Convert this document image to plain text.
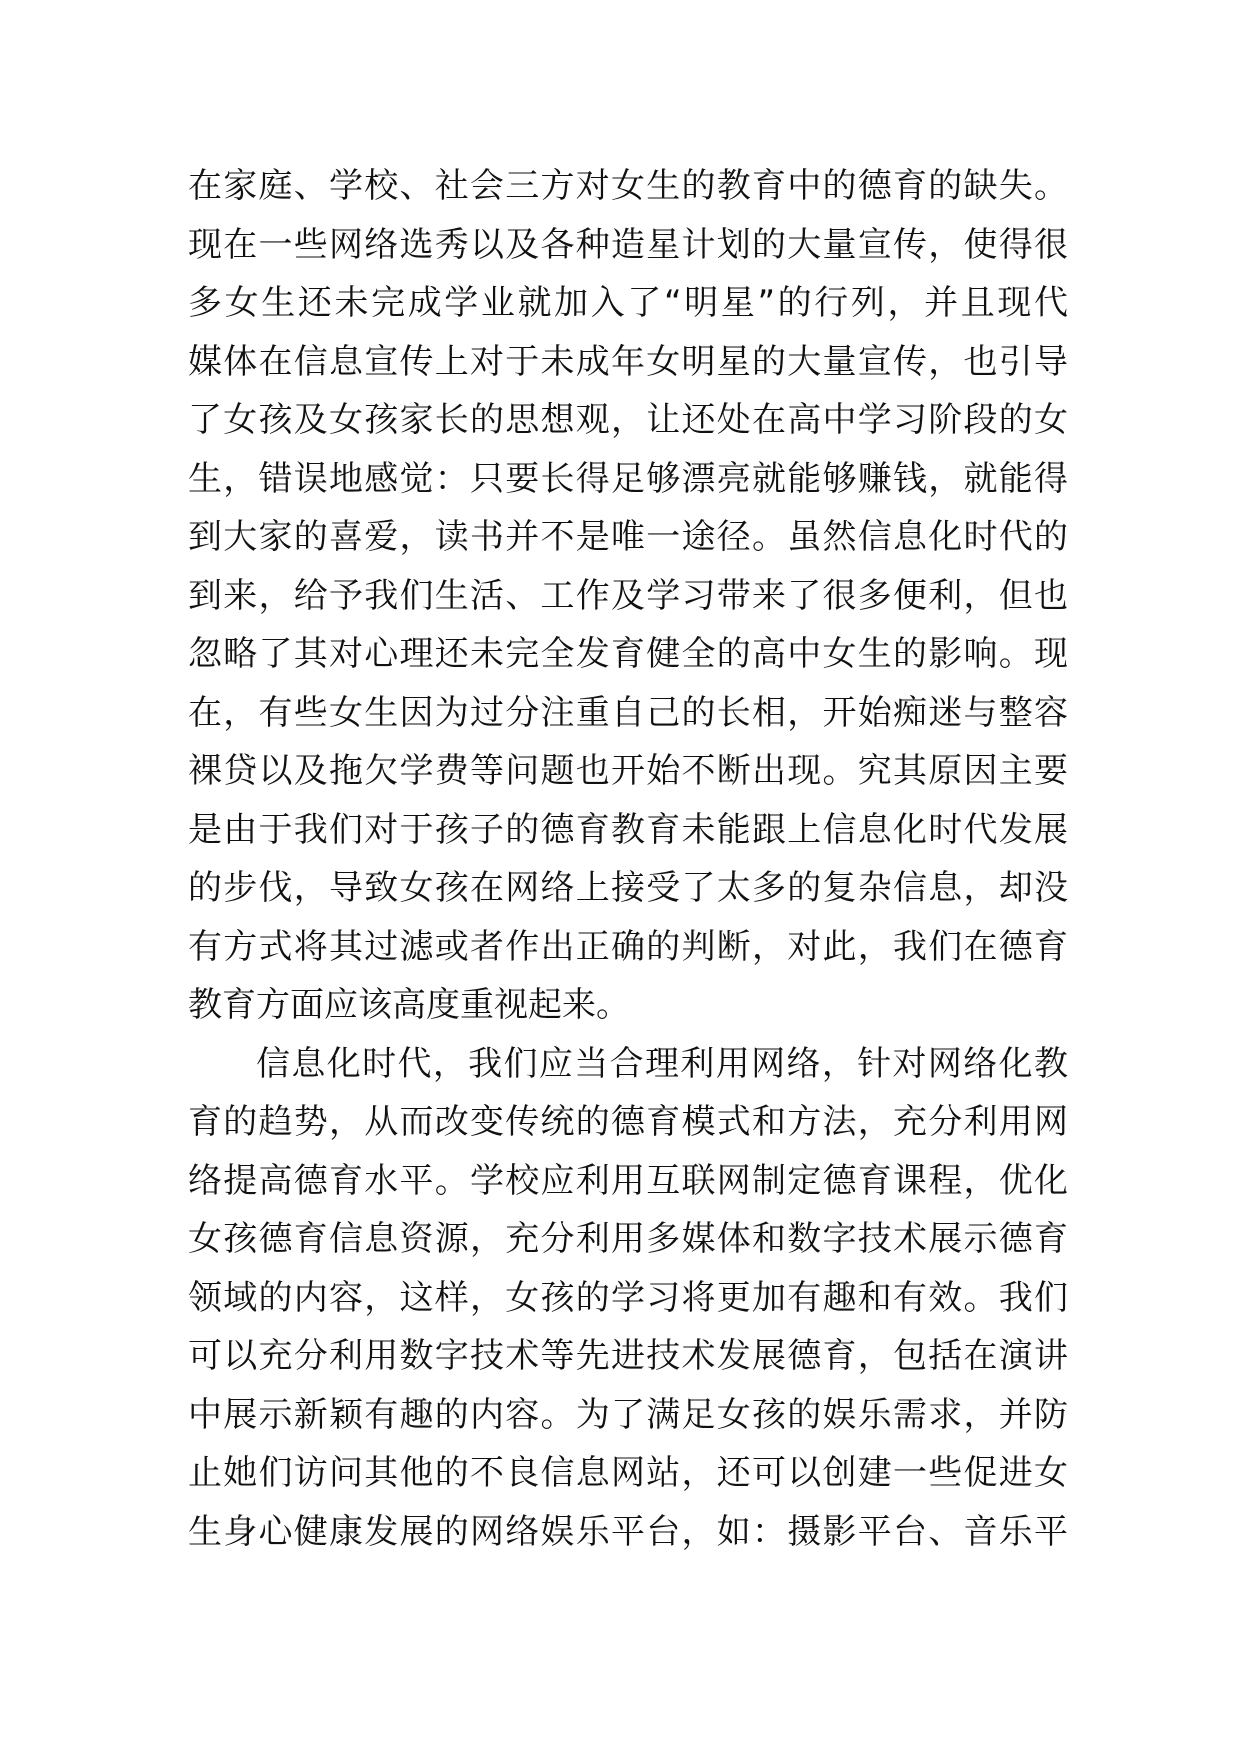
在家庭、学校、社会三方对女生的教育中的德育的缺失。
现在一些网络选秀以及各种造星计划的大量宣传，使得很
多女生还未完成学业就加入了“明星”的行列，并且现代
媒体在信息宣传上对于未成年女明星的大量宣传，也引导
了女孩及女孩家长的思想观，让还处在高中学习阶段的女
生，错误地感觉：只要长得足够漂亮就能够赚钱，就能得
到大家的喜爱，读书并不是唯一途径。虽然信息化时代的
到来，给予我们生活、工作及学习带来了很多便利，但也
忽略了其对心理还未完全发育健全的高中女生的影响。现
在，有些女生因为过分注重自己的长相，开始痴迷与整容
裸贷以及拖欠学费等问题也开始不断出现。究其原因主要
是由于我们对于孩子的德育教育未能跟上信息化时代发展
的步伐，导致女孩在网络上接受了太多的复杂信息，却没
有方式将其过滤或者作出正确的判断，对此，我们在德育
教育方面应该高度重视起来。
信息化时代，我们应当合理利用网络，针对网络化教
育的趋势，从而改变传统的德育模式和方法，充分利用网
络提高德育水平。学校应利用互联网制定德育课程，优化
女孩德育信息资源，充分利用多媒体和数字技术展示德育
领域的内容，这样，女孩的学习将更加有趣和有效。我们
可以充分利用数字技术等先进技术发展德育，包括在演讲
中展示新颖有趣的内容。为了满足女孩的娱乐需求，并防
止她们访问其他的不良信息网站，还可以创建一些促进女
生身心健康发展的网络娱乐平台，如：摄影平台、音乐平
